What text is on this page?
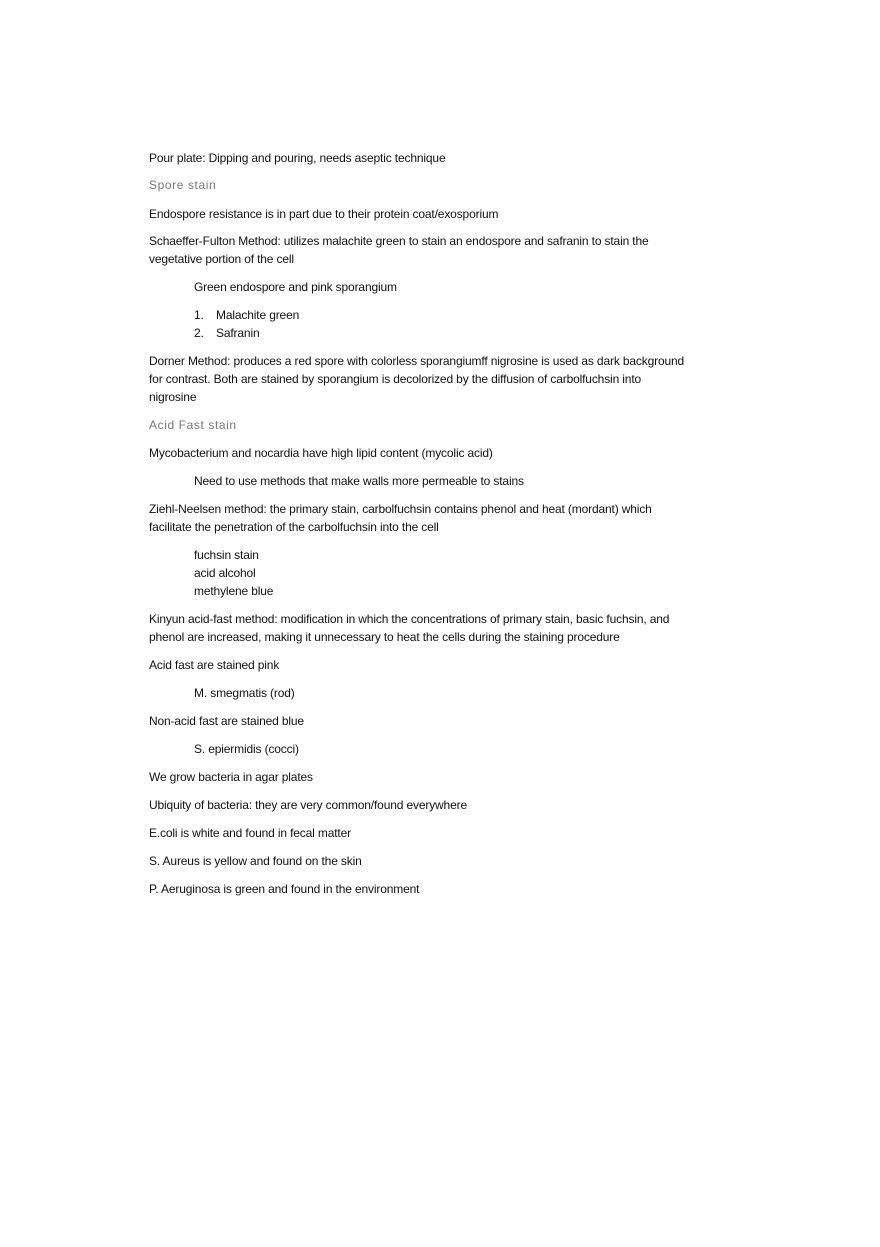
Pour plate: Dipping and pouring, needs aseptic technique
Spore stain
Endospore resistance is in part due to their protein coat/exosporium
Schaeffer-Fulton Method: utilizes malachite green to stain an endospore and safranin to stain the
vegetative portion of the cell
Green endospore and pink sporangium
1. Malachite green
2. Safranin
Dorner Method: produces a red spore with colorless sporangiumff nigrosine is used as dark background
for contrast. Both are stained by sporangium is decolorized by the diffusion of carbolfuchsin into
nigrosine
Acid Fast stain
Mycobacterium and nocardia have high lipid content (mycolic acid)
Need to use methods that make walls more permeable to stains
Ziehl-Neelsen method: the primary stain, carbolfuchsin contains phenol and heat (mordant) which
facilitate the penetration of the carbolfuchsin into the cell
fuchsin stain
acid alcohol
methylene blue
Kinyun acid-fast method: modification in which the concentrations of primary stain, basic fuchsin, and
phenol are increased, making it unnecessary to heat the cells during the staining procedure
Acid fast are stained pink
M. smegmatis (rod)
Non-acid fast are stained blue
S. epiermidis (cocci)
We grow bacteria in agar plates
Ubiquity of bacteria: they are very common/found everywhere
E.coli is white and found in fecal matter
S. Aureus is yellow and found on the skin
P. Aeruginosa is green and found in the environment
